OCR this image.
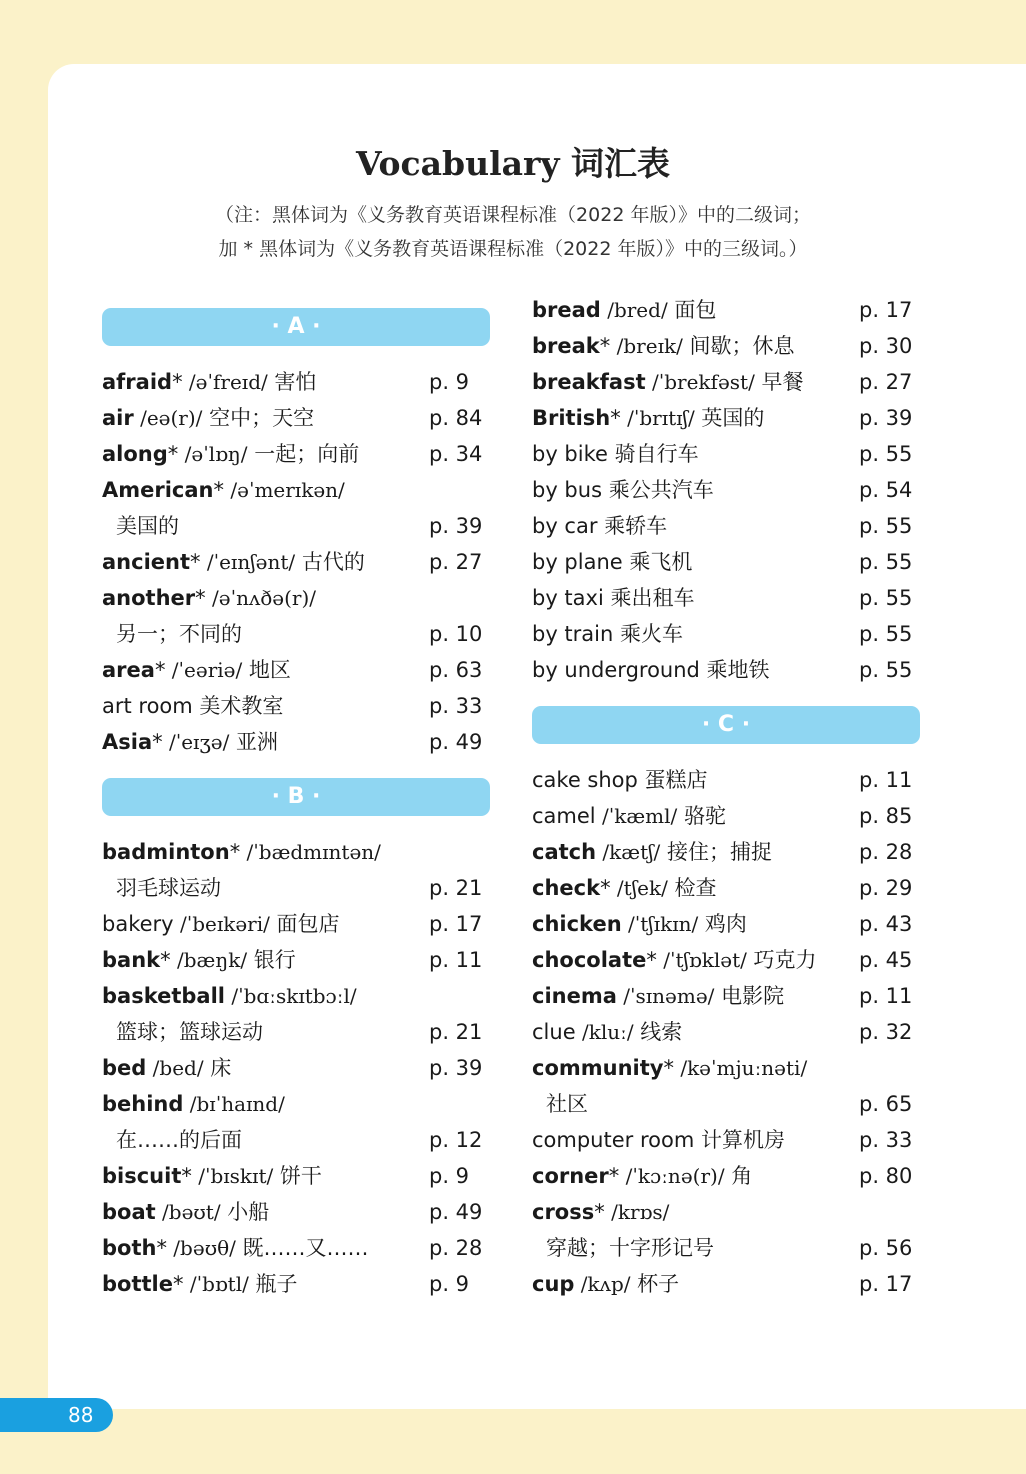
Vocabulary 词汇表
（注：黑体词为《义务教育英语课程标准（2022 年版）》中的二级词；
加 * 黑体词为《义务教育英语课程标准（2022 年版）》中的三级词。）
· A ·
afraid* /əˈfreɪd/ 害怕	p. 9
air /eə(r)/ 空中；天空	p. 84
along* /əˈlɒŋ/ 一起；向前	p. 34
American* /əˈmerɪkən/
美国的	p. 39
ancient* /ˈeɪnʃənt/ 古代的	p. 27
another* /əˈnʌðə(r)/
另一；不同的	p. 10
area* /ˈeəriə/ 地区	p. 63
art room 美术教室	p. 33
Asia* /ˈeɪʒə/ 亚洲	p. 49
· B ·
badminton* /ˈbædmɪntən/
羽毛球运动	p. 21
bakery /ˈbeɪkəri/ 面包店	p. 17
bank* /bæŋk/ 银行	p. 11
basketball /ˈbɑːskɪtbɔːl/
篮球；篮球运动	p. 21
bed /bed/ 床	p. 39
behind /bɪˈhaɪnd/
在……的后面	p. 12
biscuit* /ˈbɪskɪt/ 饼干	p. 9
boat /bəʊt/ 小船	p. 49
both* /bəʊθ/ 既……又……	p. 28
bottle* /ˈbɒtl/ 瓶子	p. 9
bread /bred/ 面包	p. 17
break* /breɪk/ 间歇；休息	p. 30
breakfast /ˈbrekfəst/ 早餐	p. 27
British* /ˈbrɪtɪʃ/ 英国的	p. 39
by bike 骑自行车	p. 55
by bus 乘公共汽车	p. 54
by car 乘轿车	p. 55
by plane 乘飞机	p. 55
by taxi 乘出租车	p. 55
by train 乘火车	p. 55
by underground 乘地铁	p. 55
· C ·
cake shop 蛋糕店	p. 11
camel /ˈkæml/ 骆驼	p. 85
catch /kætʃ/ 接住；捕捉	p. 28
check* /tʃek/ 检查	p. 29
chicken /ˈtʃɪkɪn/ 鸡肉	p. 43
chocolate* /ˈtʃɒklət/ 巧克力 p. 45
cinema /ˈsɪnəmə/ 电影院	p. 11
clue /kluː/ 线索	p. 32
community* /kəˈmjuːnəti/
社区	p. 65
computer room 计算机房	p. 33
corner* /ˈkɔːnə(r)/ 角	p. 80
cross* /krɒs/
穿越；十字形记号	p. 56
cup /kʌp/ 杯子	p. 17
88
